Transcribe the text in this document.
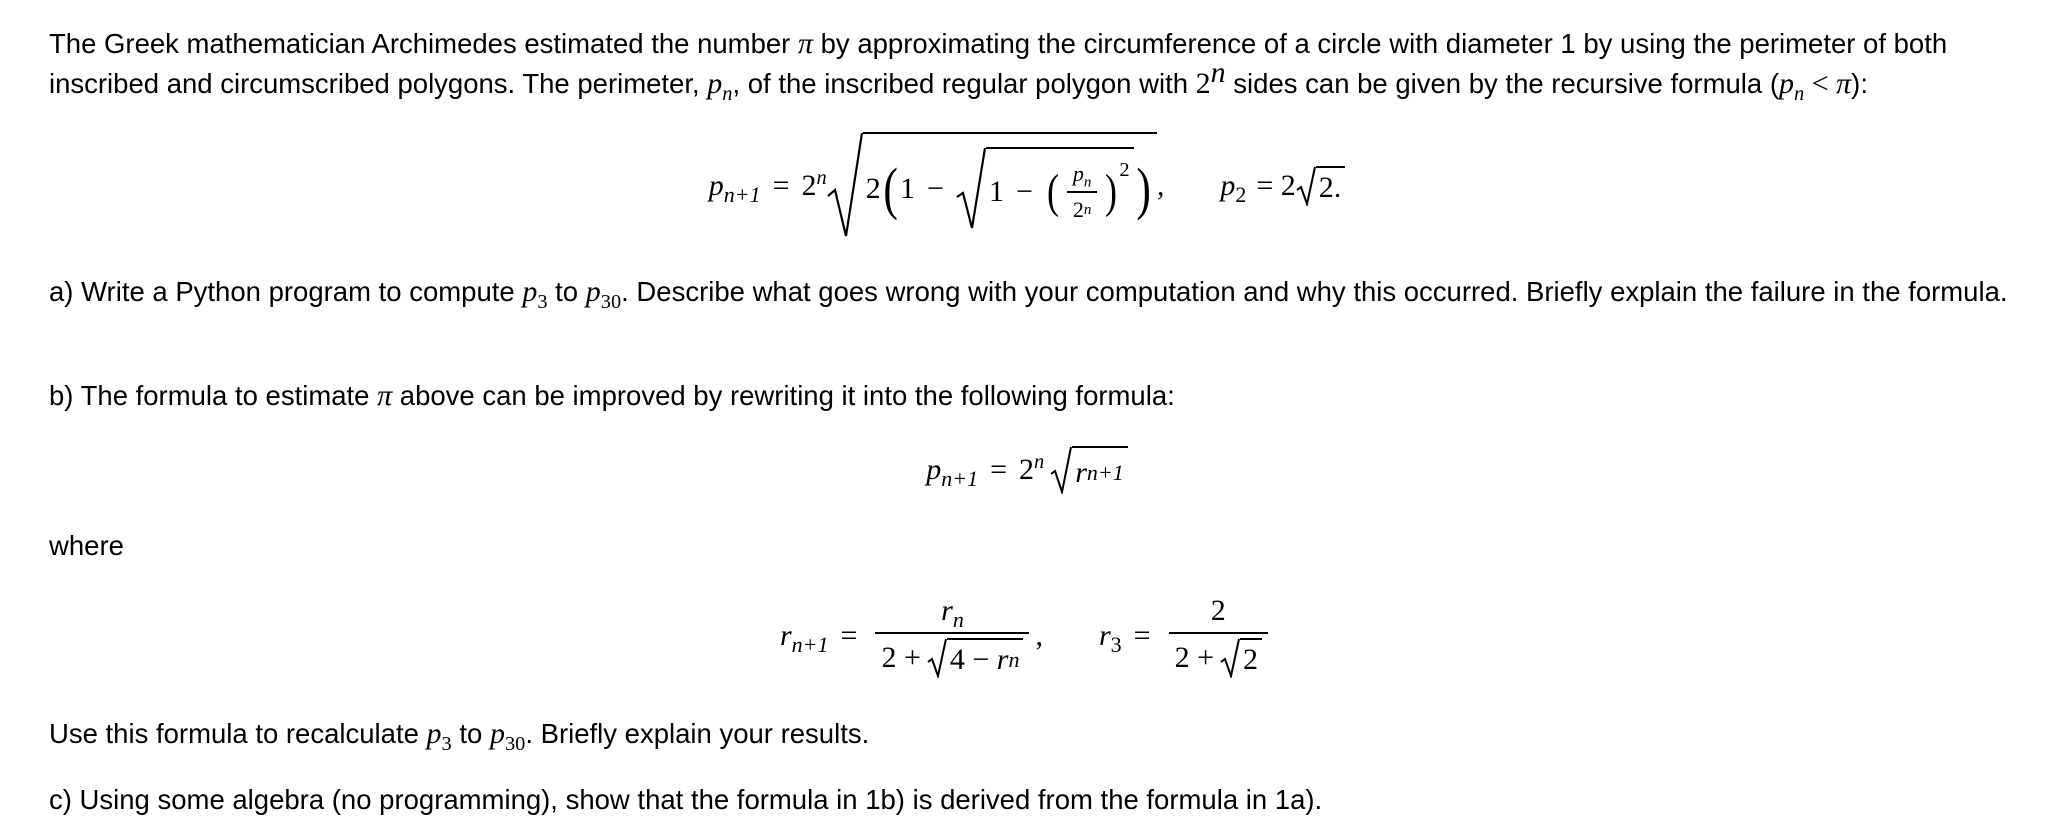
The Greek mathematician Archimedes estimated the number π by approximating the circumference of a circle with diameter 1 by using the perimeter of both inscribed and circumscribed polygons. The perimeter, $p_n$, of the inscribed regular polygon with 2$^n$ sides can be given by the recursive formula $(p_n < \pi)$:

$p_{n+1} = 2^n$ 2 ( 1 −	1 − ( $\frac{p_n}{2 n} )^2$ ) , $p_2 = 2$ 2.

a) Write a Python program to compute $p_3$ to $p_{30}$. Describe what goes wrong with your computation and why this occurred. Briefly explain the failure in the formula.

b) The formula to estimate π above can be improved by rewriting it into the following formula:

$p_{n+1} = 2^n$ r n+1

where

$r_{n+1} = r_n$
2 + 4 −
r n , $r_3 = \frac{2}{2 + 2}$

Use this formula to recalculate $p_3$ to $p_{30}$. Briefly explain your results.

c) Using some algebra (no programming), show that the formula in 1b) is derived from the formula in 1a).
